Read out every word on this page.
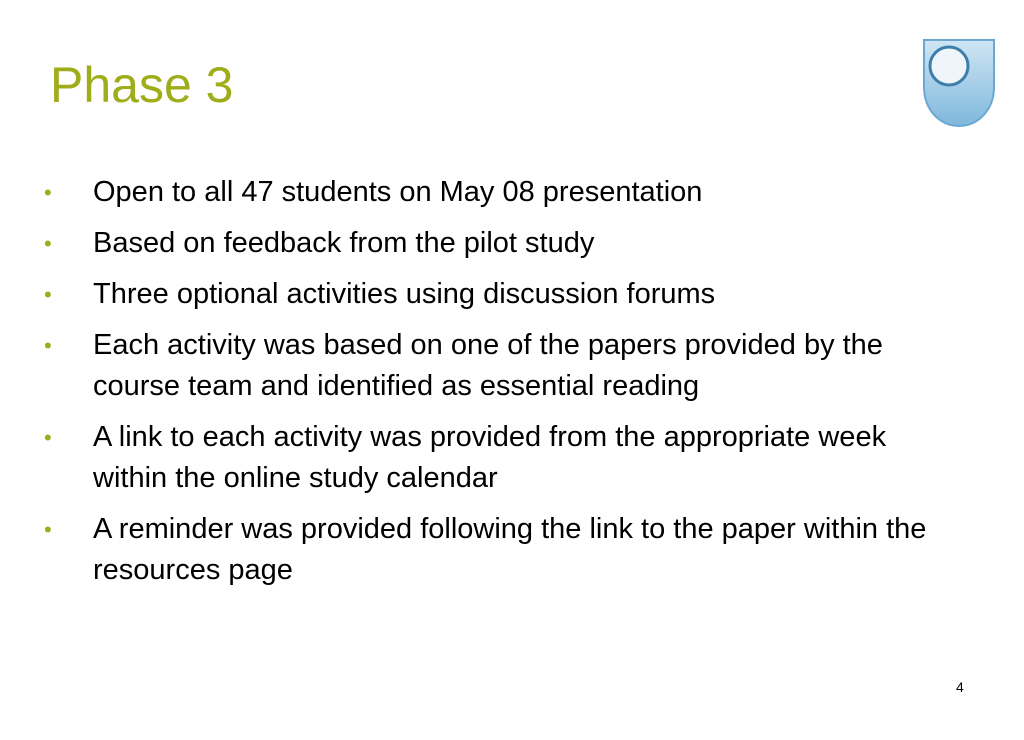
Phase 3
• Open to all 47 students on May 08 presentation
• Based on feedback from the pilot study
• Three optional activities using discussion forums
• Each activity was based on one of the papers provided by the course team and identified as essential reading
• A link to each activity was provided from the appropriate week within the online study calendar
• A reminder was provided following the link to the paper within the resources page
4
